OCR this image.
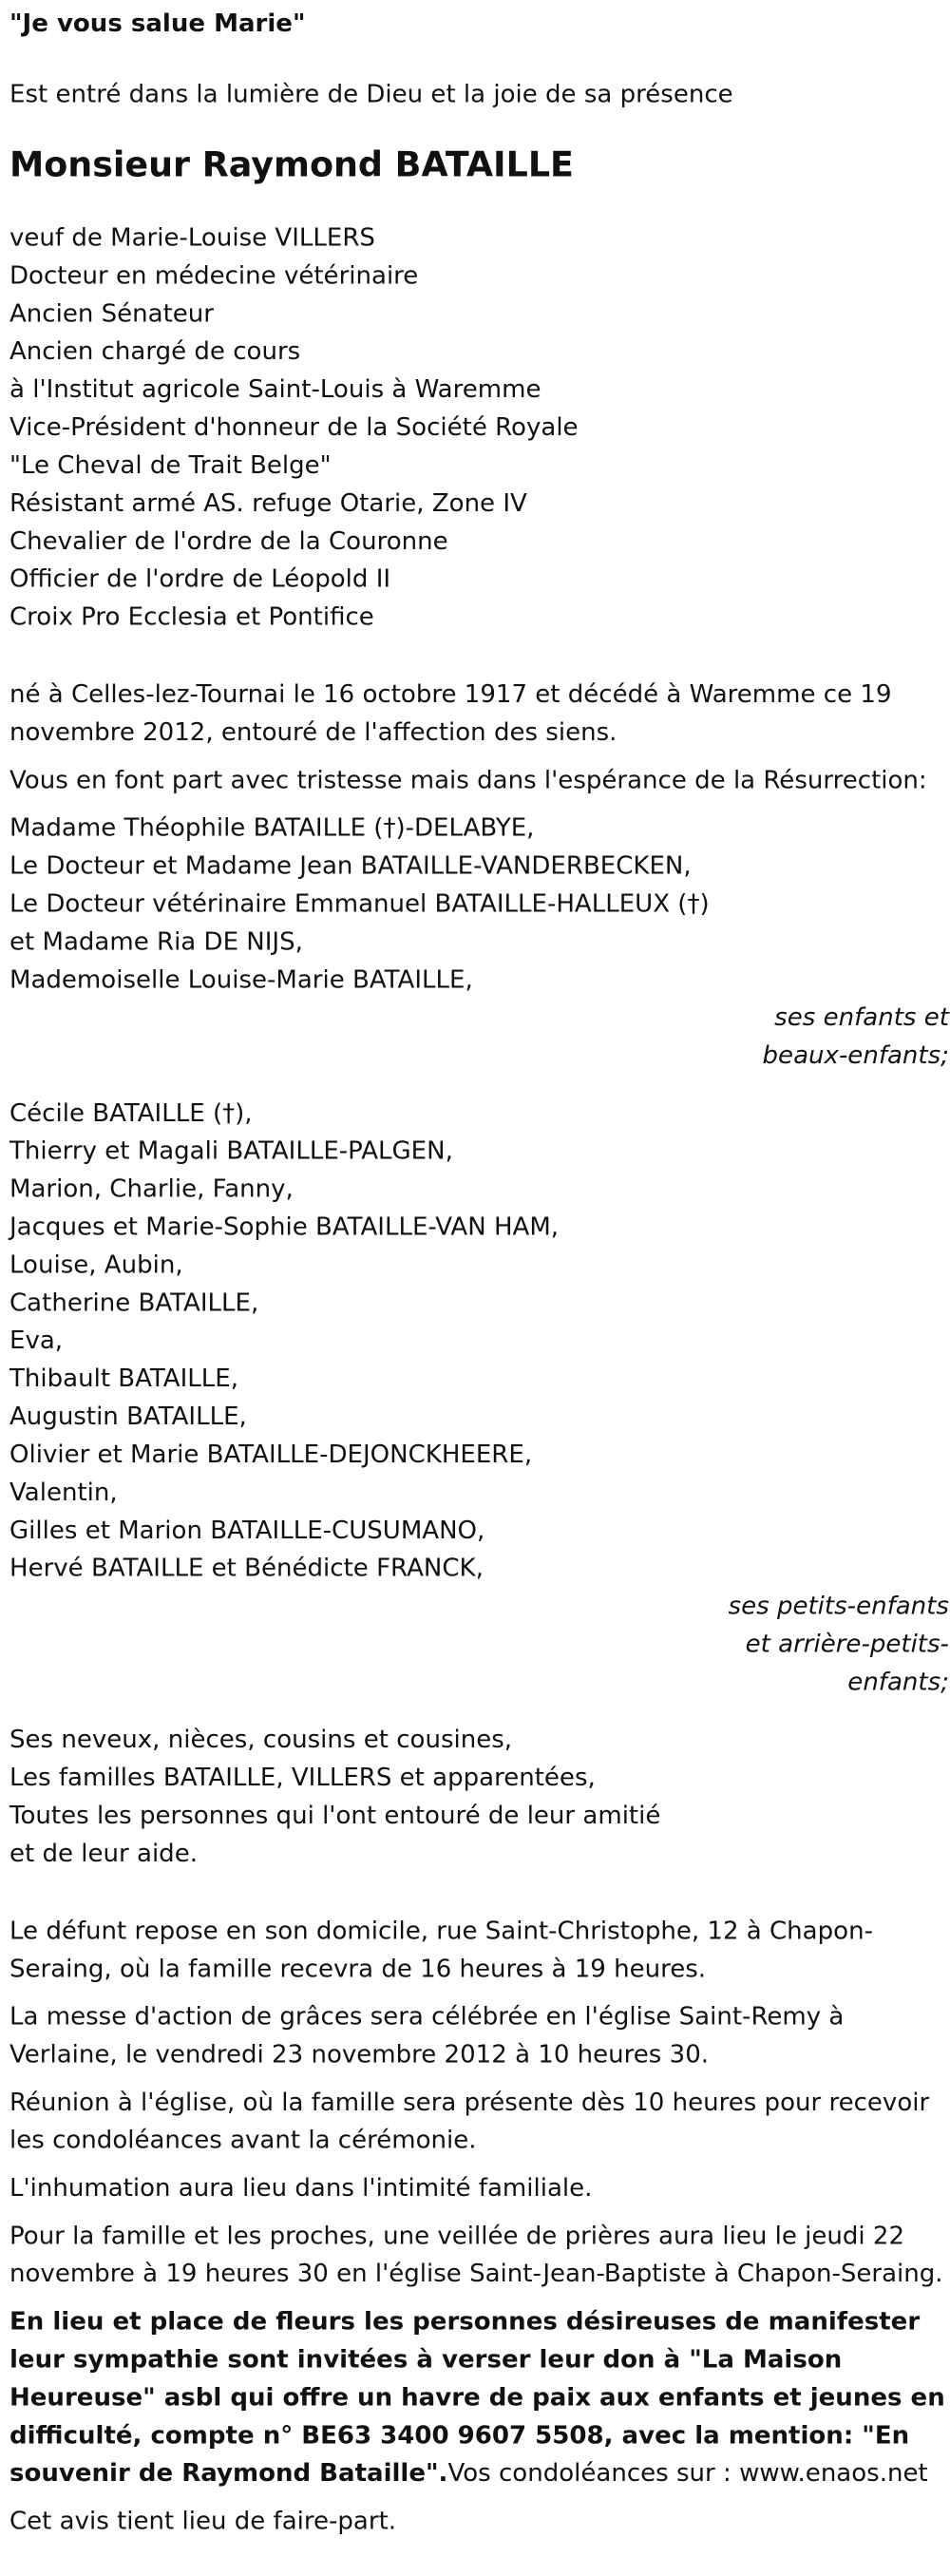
"Je vous salue Marie"
Est entré dans la lumière de Dieu et la joie de sa présence
Monsieur Raymond BATAILLE
veuf de Marie-Louise VILLERS
Docteur en médecine vétérinaire
Ancien Sénateur
Ancien chargé de cours
à l'Institut agricole Saint-Louis à Waremme
Vice-Président d'honneur de la Société Royale
"Le Cheval de Trait Belge"
Résistant armé AS. refuge Otarie, Zone IV
Chevalier de l'ordre de la Couronne
Officier de l'ordre de Léopold II
Croix Pro Ecclesia et Pontifice
né à Celles-lez-Tournai le 16 octobre 1917 et décédé à Waremme ce 19 novembre 2012, entouré de l'affection des siens.
Vous en font part avec tristesse mais dans l'espérance de la Résurrection:
Madame Théophile BATAILLE (†)-DELABYE,
Le Docteur et Madame Jean BATAILLE-VANDERBECKEN,
Le Docteur vétérinaire Emmanuel BATAILLE-HALLEUX (†)
et Madame Ria DE NIJS,
Mademoiselle Louise-Marie BATAILLE,
ses enfants et beaux-enfants;
Cécile BATAILLE (†),
Thierry et Magali BATAILLE-PALGEN,
Marion, Charlie, Fanny,
Jacques et Marie-Sophie BATAILLE-VAN HAM,
Louise, Aubin,
Catherine BATAILLE,
Eva,
Thibault BATAILLE,
Augustin BATAILLE,
Olivier et Marie BATAILLE-DEJONCKHEERE,
Valentin,
Gilles et Marion BATAILLE-CUSUMANO,
Hervé BATAILLE et Bénédicte FRANCK,
ses petits-enfants et arrière-petits-enfants;
Ses neveux, nièces, cousins et cousines,
Les familles BATAILLE, VILLERS et apparentées,
Toutes les personnes qui l'ont entouré de leur amitié
et de leur aide.
Le défunt repose en son domicile, rue Saint-Christophe, 12 à Chapon-Seraing, où la famille recevra de 16 heures à 19 heures.
La messe d'action de grâces sera célébrée en l'église Saint-Remy à Verlaine, le vendredi 23 novembre 2012 à 10 heures 30.
Réunion à l'église, où la famille sera présente dès 10 heures pour recevoir les condoléances avant la cérémonie.
L'inhumation aura lieu dans l'intimité familiale.
Pour la famille et les proches, une veillée de prières aura lieu le jeudi 22 novembre à 19 heures 30 en l'église Saint-Jean-Baptiste à Chapon-Seraing.
En lieu et place de fleurs les personnes désireuses de manifester leur sympathie sont invitées à verser leur don à "La Maison Heureuse" asbl qui offre un havre de paix aux enfants et jeunes en difficulté, compte n° BE63 3400 9607 5508, avec la mention: "En souvenir de Raymond Bataille".Vos condoléances sur : www.enaos.net
Cet avis tient lieu de faire-part.
